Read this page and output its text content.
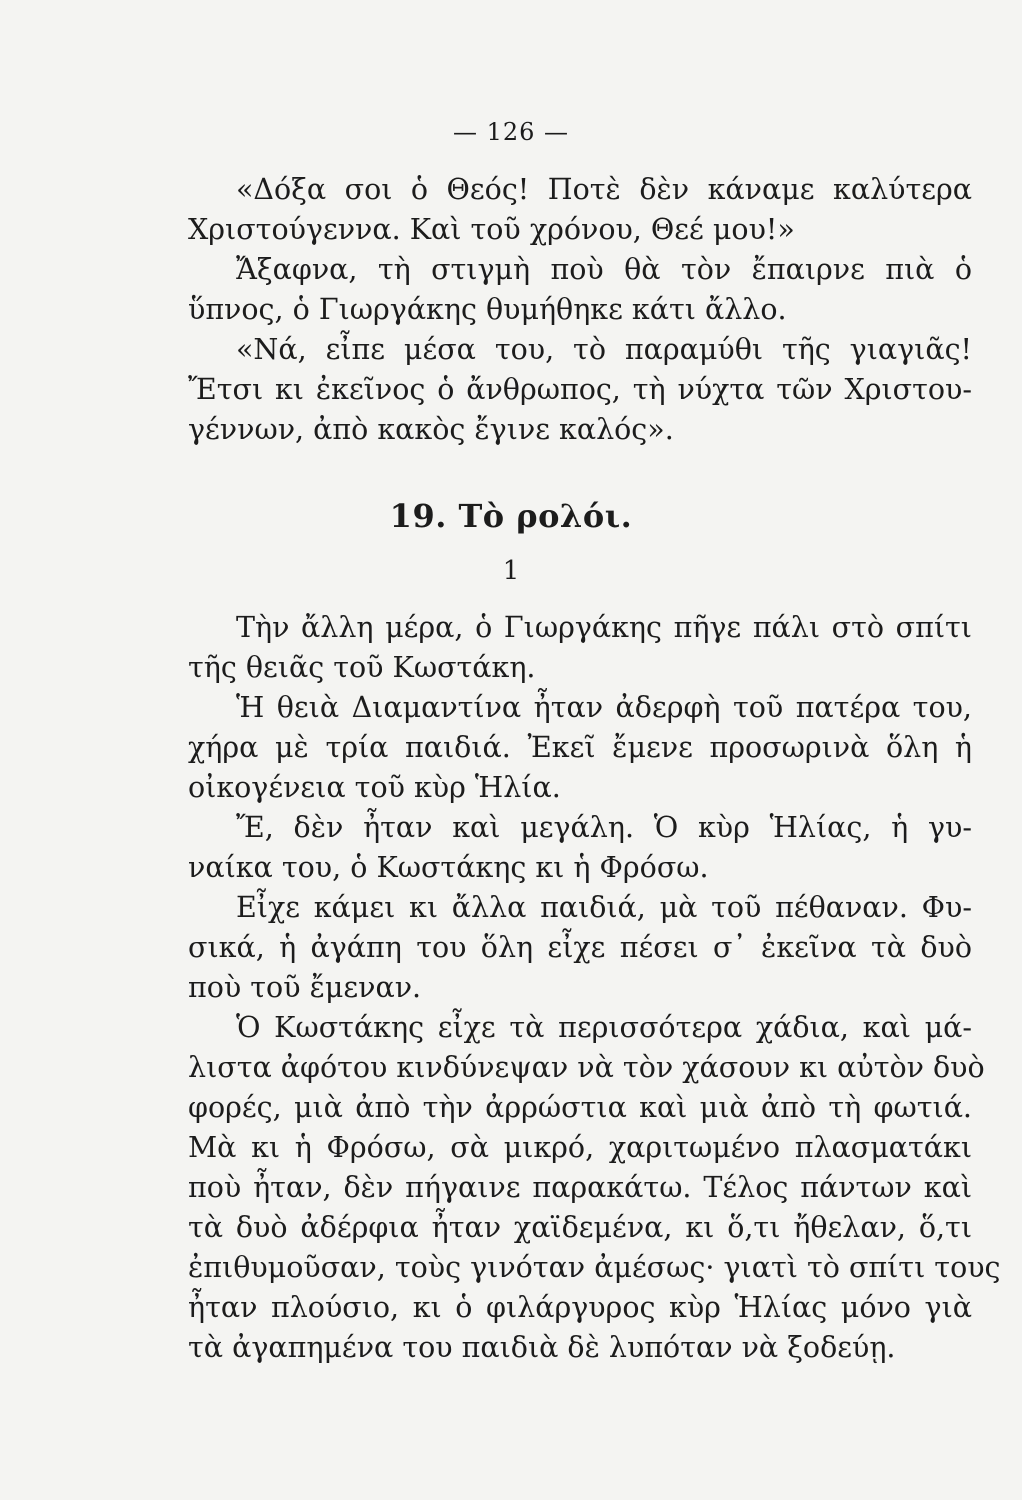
— 126 —
«Δόξα σοι ὁ Θεός! Ποτὲ δὲν κάναμε καλύτερα
Χριστούγεννα. Καὶ τοῦ χρόνου, Θεέ μου!»
Ἄξαφνα, τὴ στιγμὴ ποὺ θὰ τὸν ἔπαιρνε πιὰ ὁ
ὕπνος, ὁ Γιωργάκης θυμήθηκε κάτι ἄλλο.
«Νά, εἶπε μέσα του, τὸ παραμύθι τῆς γιαγιᾶς!
Ἔτσι κι ἐκεῖνος ὁ ἄνθρωπος, τὴ νύχτα τῶν Χριστου-
γέννων, ἀπὸ κακὸς ἔγινε καλός».
19. Τὸ ρολόι.
1
Τὴν ἄλλη μέρα, ὁ Γιωργάκης πῆγε πάλι στὸ σπίτι
τῆς θειᾶς τοῦ Κωστάκη.
Ἡ θειὰ Διαμαντίνα ἦταν ἀδερφὴ τοῦ πατέρα του,
χήρα μὲ τρία παιδιά. Ἐκεῖ ἔμενε προσωρινὰ ὅλη ἡ
οἰκογένεια τοῦ κὺρ Ἡλία.
Ἔ, δὲν ἦταν καὶ μεγάλη. Ὁ κὺρ Ἡλίας, ἡ γυ-
ναίκα του, ὁ Κωστάκης κι ἡ Φρόσω.
Εἶχε κάμει κι ἄλλα παιδιά, μὰ τοῦ πέθαναν. Φυ-
σικά, ἡ ἀγάπη του ὅλη εἶχε πέσει σ᾽ ἐκεῖνα τὰ δυὸ
ποὺ τοῦ ἔμεναν.
Ὁ Κωστάκης εἶχε τὰ περισσότερα χάδια, καὶ μά-
λιστα ἀφότου κινδύνεψαν νὰ τὸν χάσουν κι αὐτὸν δυὸ
φορές, μιὰ ἀπὸ τὴν ἀρρώστια καὶ μιὰ ἀπὸ τὴ φωτιά.
Μὰ κι ἡ Φρόσω, σὰ μικρό, χαριτωμένο πλασματάκι
ποὺ ἦταν, δὲν πήγαινε παρακάτω. Τέλος πάντων καὶ
τὰ δυὸ ἀδέρφια ἦταν χαϊδεμένα, κι ὅ,τι ἤθελαν, ὅ,τι
ἐπιθυμοῦσαν, τοὺς γινόταν ἀμέσως· γιατὶ τὸ σπίτι τους
ἦταν πλούσιο, κι ὁ φιλάργυρος κὺρ Ἡλίας μόνο γιὰ
τὰ ἀγαπημένα του παιδιὰ δὲ λυπόταν νὰ ξοδεύῃ.
